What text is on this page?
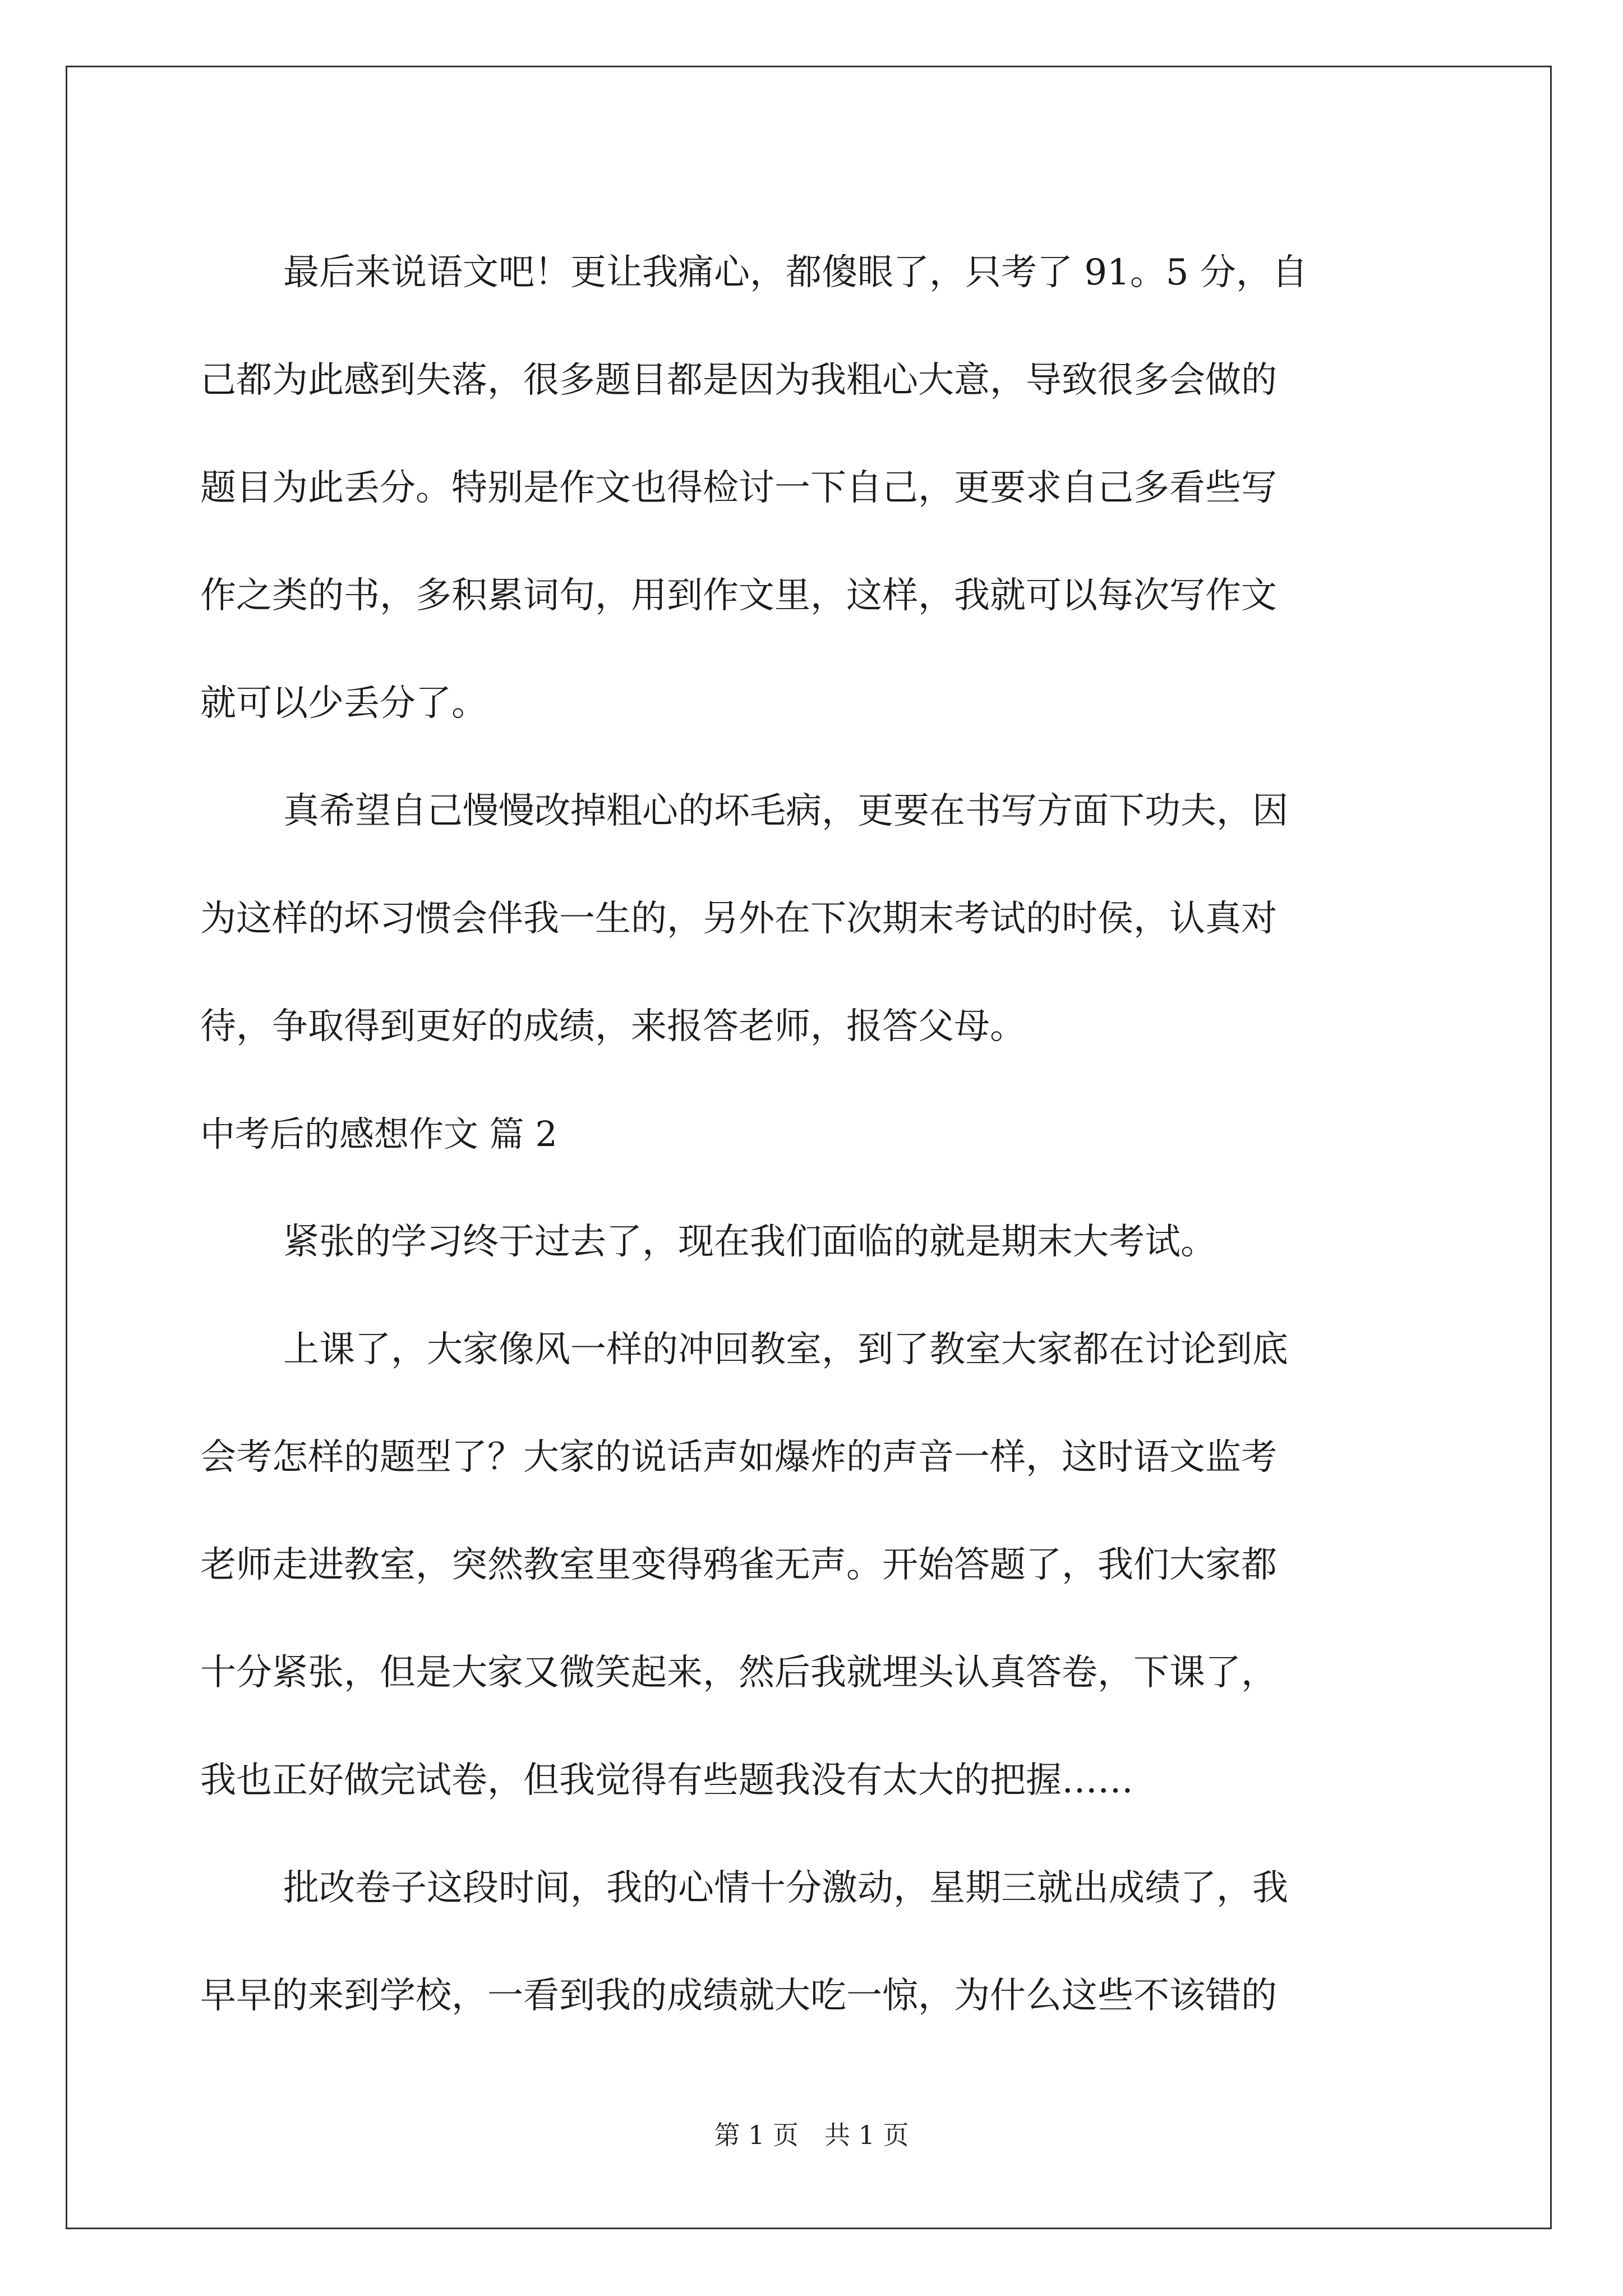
最后来说语文吧！更让我痛心，都傻眼了，只考了 91。5 分，自
己都为此感到失落，很多题目都是因为我粗心大意，导致很多会做的
题目为此丢分。特别是作文也得检讨一下自己，更要求自己多看些写
作之类的书，多积累词句，用到作文里，这样，我就可以每次写作文
就可以少丢分了。
真希望自己慢慢改掉粗心的坏毛病，更要在书写方面下功夫，因
为这样的坏习惯会伴我一生的，另外在下次期末考试的时侯，认真对
待，争取得到更好的成绩，来报答老师，报答父母。
中考后的感想作文 篇 2
紧张的学习终于过去了，现在我们面临的就是期末大考试。
上课了，大家像风一样的冲回教室，到了教室大家都在讨论到底
会考怎样的题型了？大家的说话声如爆炸的声音一样，这时语文监考
老师走进教室，突然教室里变得鸦雀无声。开始答题了，我们大家都
十分紧张，但是大家又微笑起来，然后我就埋头认真答卷，下课了，
我也正好做完试卷，但我觉得有些题我没有太大的把握……
批改卷子这段时间，我的心情十分激动，星期三就出成绩了，我
早早的来到学校，一看到我的成绩就大吃一惊，为什么这些不该错的
第 1 页　共 1 页
